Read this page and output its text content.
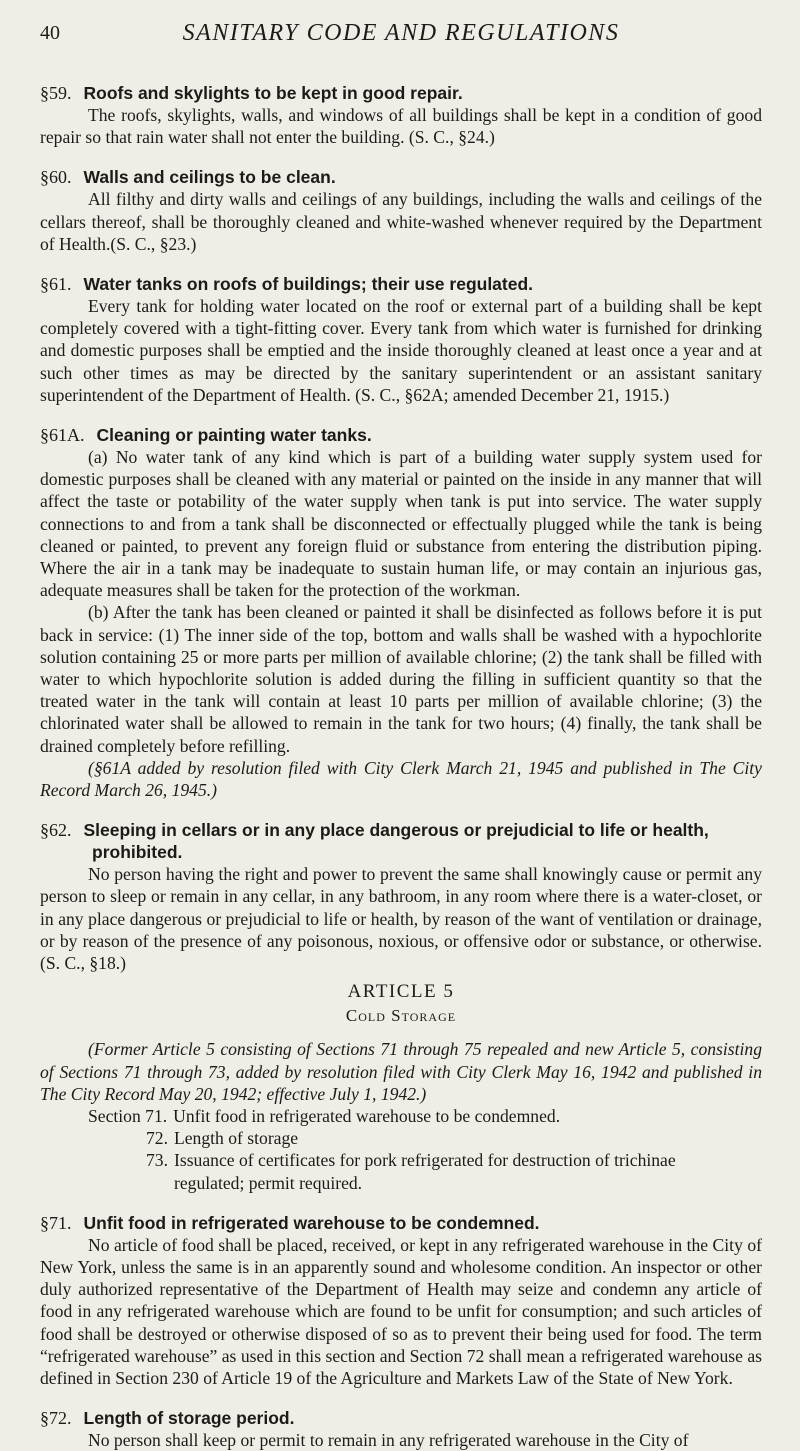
40	SANITARY CODE AND REGULATIONS
§59. Roofs and skylights to be kept in good repair.

The roofs, skylights, walls, and windows of all buildings shall be kept in a condition of good repair so that rain water shall not enter the building. (S. C., §24.)

§60. Walls and ceilings to be clean.

All filthy and dirty walls and ceilings of any buildings, including the walls and ceilings of the cellars thereof, shall be thoroughly cleaned and white-washed whenever required by the Department of Health.(S. C., §23.)

§61. Water tanks on roofs of buildings; their use regulated.

Every tank for holding water located on the roof or external part of a building shall be kept completely covered with a tight-fitting cover. Every tank from which water is furnished for drinking and domestic purposes shall be emptied and the inside thoroughly cleaned at least once a year and at such other times as may be directed by the sanitary superintendent or an assistant sanitary superintendent of the Department of Health. (S. C., §62A; amended December 21, 1915.)

§61A. Cleaning or painting water tanks.

(a) No water tank of any kind which is part of a building water supply system used for domestic purposes shall be cleaned with any material or painted on the inside in any manner that will affect the taste or potability of the water supply when tank is put into service. The water supply connections to and from a tank shall be disconnected or effectually plugged while the tank is being cleaned or painted, to prevent any foreign fluid or substance from entering the distribution piping. Where the air in a tank may be inadequate to sustain human life, or may contain an injurious gas, adequate measures shall be taken for the protection of the workman.

(b) After the tank has been cleaned or painted it shall be disinfected as follows before it is put back in service: (1) The inner side of the top, bottom and walls shall be washed with a hypochlorite solution containing 25 or more parts per million of available chlorine; (2) the tank shall be filled with water to which hypochlorite solution is added during the filling in sufficient quantity so that the treated water in the tank will contain at least 10 parts per million of available chlorine; (3) the chlorinated water shall be allowed to remain in the tank for two hours; (4) finally, the tank shall be drained completely before refilling.

(§61A added by resolution filed with City Clerk March 21, 1945 and published in The City Record March 26, 1945.)

§62. Sleeping in cellars or in any place dangerous or prejudicial to life or health,
prohibited.

No person having the right and power to prevent the same shall knowingly cause or permit any person to sleep or remain in any cellar, in any bathroom, in any room where there is a water-closet, or in any place dangerous or prejudicial to life or health, by reason of the want of ventilation or drainage, or by reason of the presence of any poisonous, noxious, or offensive odor or substance, or otherwise. (S. C., §18.)

ARTICLE 5
Cold Storage

(Former Article 5 consisting of Sections 71 through 75 repealed and new Article 5, consisting of Sections 71 through 73, added by resolution filed with City Clerk May 16, 1942 and published in The City Record May 20, 1942; effective July 1, 1942.)

Section 71. Unfit food in refrigerated warehouse to be condemned.
72. Length of storage
73. Issuance of certificates for pork refrigerated for destruction of trichinae
regulated; permit required.
§71. Unfit food in refrigerated warehouse to be condemned.

No article of food shall be placed, received, or kept in any refrigerated warehouse in the City of New York, unless the same is in an apparently sound and wholesome condition. An inspector or other duly authorized representative of the Department of Health may seize and condemn any article of food in any refrigerated warehouse which are found to be unfit for consumption; and such articles of food shall be destroyed or otherwise disposed of so as to prevent their being used for food. The term “refrigerated warehouse” as used in this section and Section 72 shall mean a refrigerated warehouse as defined in Section 230 of Article 19 of the Agriculture and Markets Law of the State of New York.

§72. Length of storage period.

No person shall keep or permit to remain in any refrigerated warehouse in the City of
